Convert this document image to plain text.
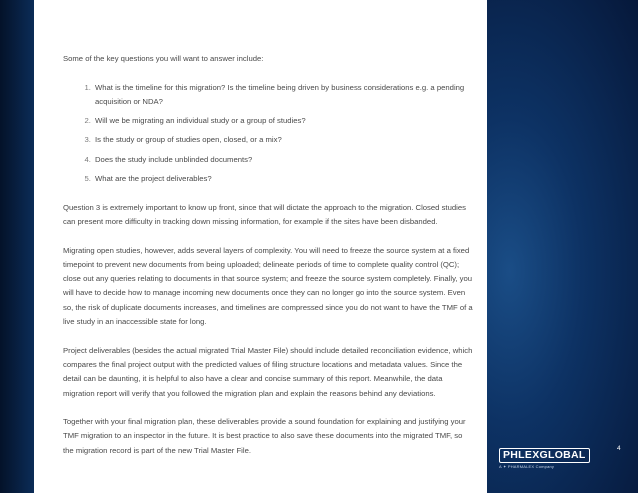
Some of the key questions you will want to answer include:

1. What is the timeline for this migration? Is the timeline being driven by business considerations e.g. a pending acquisition or NDA?
2. Will we be migrating an individual study or a group of studies?
3. Is the study or group of studies open, closed, or a mix?
4. Does the study include unblinded documents?
5. What are the project deliverables?

Question 3 is extremely important to know up front, since that will dictate the approach to the migration. Closed studies can present more difficulty in tracking down missing information, for example if the sites have been disbanded.

Migrating open studies, however, adds several layers of complexity. You will need to freeze the source system at a fixed timepoint to prevent new documents from being uploaded; delineate periods of time to complete quality control (QC); close out any queries relating to documents in that source system; and freeze the source system completely. Finally, you will have to decide how to manage incoming new documents once they can no longer go into the source system. Even so, the risk of duplicate documents increases, and timelines are compressed since you do not want to have the TMF of a live study in an inaccessible state for long.

Project deliverables (besides the actual migrated Trial Master File) should include detailed reconciliation evidence, which compares the final project output with the predicted values of filing structure locations and metadata values. Since the detail can be daunting, it is helpful to also have a clear and concise summary of this report. Meanwhile, the data migration report will verify that you followed the migration plan and explain the reasons behind any deviations.

Together with your final migration plan, these deliverables provide a sound foundation for explaining and justifying your TMF migration to an inspector in the future. It is best practice to also save these documents into the migrated TMF, so the migration record is part of the new Trial Master File.	PHLEXGLOBAL
A ✦ PHARMALEX Company
4
